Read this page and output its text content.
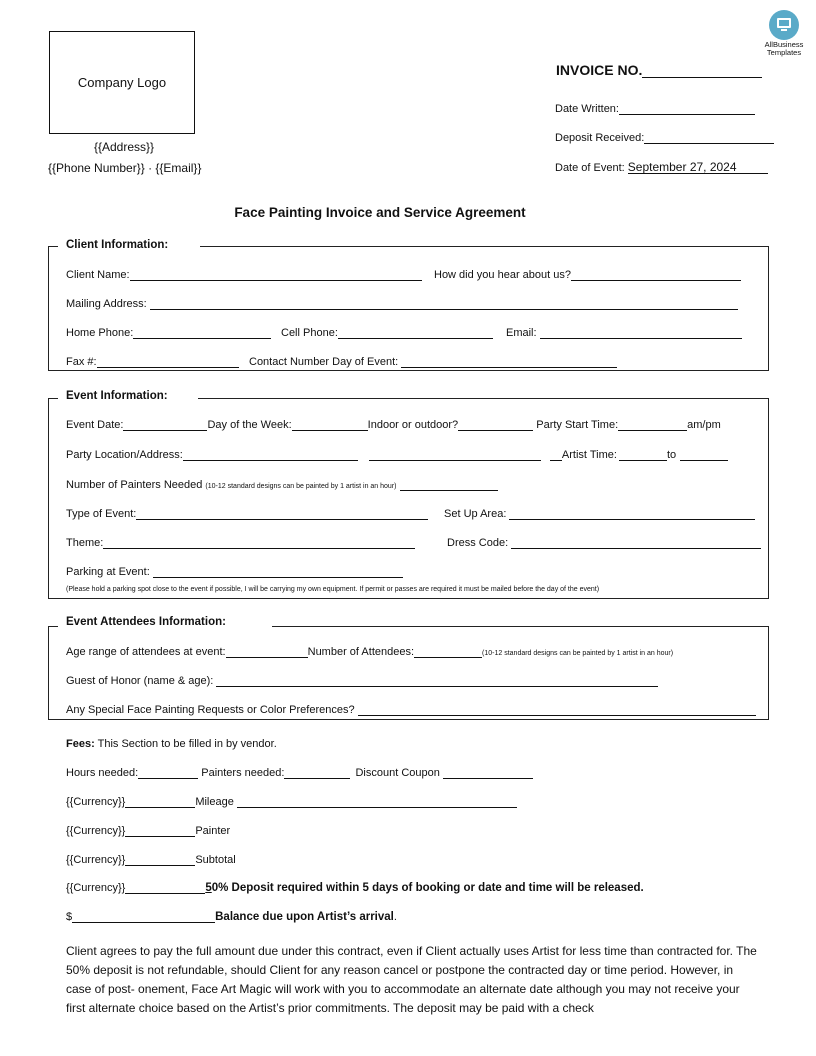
AllBusiness
Templates
Company Logo
{{Address}}
{{Phone Number}} · {{Email}}
INVOICE NO.
Date Written:
Deposit Received:
Date of Event: September 27, 2024
Face Painting Invoice and Service Agreement
Client Information:
Client Name:	How did you hear about us?
Mailing Address:
Home Phone:	Cell Phone:	Email:
Fax #:	Contact Number Day of Event:
Event Information:
Event Date:	Day of the Week:	Indoor or outdoor?	Party Start Time:	am/pm
Party Location/Address:	Artist Time:	to
Number of Painters Needed (10-12 standard designs can be painted by 1 artist in an hour)
Type of Event:	Set Up Area:
Theme:	Dress Code:
Parking at Event:
(Please hold a parking spot close to the event if possible, I will be carrying my own equipment. If permit or passes are required it must be mailed before the day of the event)
Event Attendees Information:
Age range of attendees at event:	Number of Attendees:	(10-12 standard designs can be painted by 1 artist in an hour)
Guest of Honor (name & age):
Any Special Face Painting Requests or Color Preferences?
Fees: This Section to be filled in by vendor.
Hours needed:	Painters needed:	Discount Coupon
{{Currency}}	Mileage
{{Currency}}	Painter
{{Currency}}	Subtotal
{{Currency}}	50% Deposit required within 5 days of booking or date and time will be released.
$	Balance due upon Artist’s arrival.
Client agrees to pay the full amount due under this contract, even if Client actually uses Artist for less time than contracted for. The 50% deposit is not refundable, should Client for any reason cancel or postpone the contracted day or time period. However, in case of post- onement, Face Art Magic will work with you to accommodate an alternate date although you may not receive your first alternate choice based on the Artist’s prior commitments. The deposit may be paid with a check
